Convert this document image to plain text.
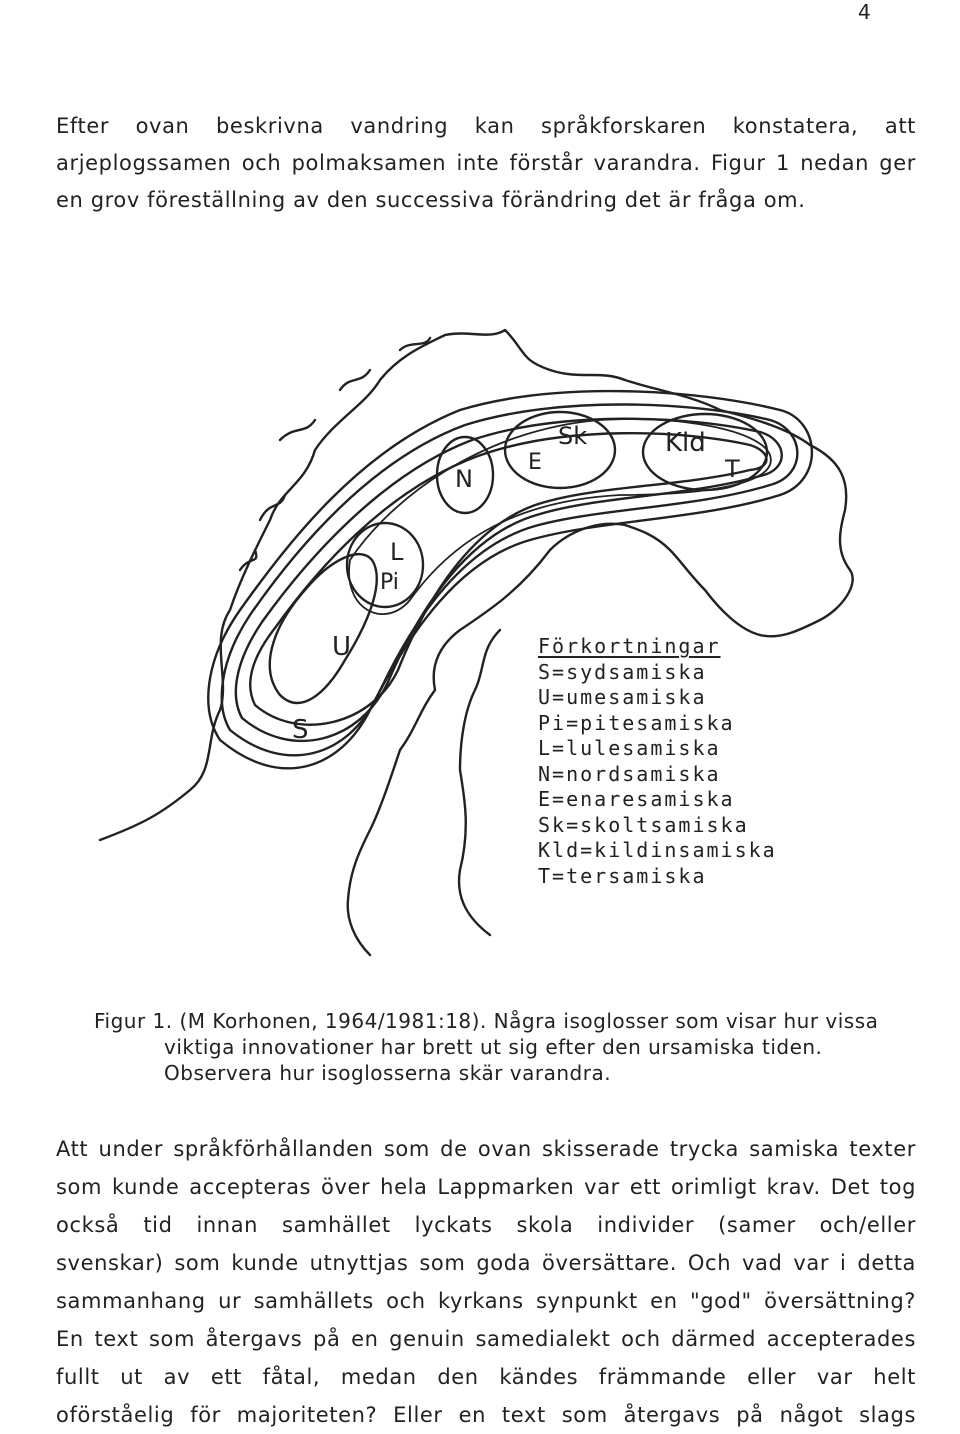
4

Efter ovan beskrivna vandring kan språkforskaren konstatera, att
arjeplogssamen och polmaksamen inte förstår varandra. Figur 1 nedan ger
en grov föreställning av den successiva förändring det är fråga om.

U
S
L
Pi
N
E
Sk	Kld
T
Förkortningar
S=sydsamiska
U=umesamiska
Pi=pitesamiska
L=lulesamiska
N=nordsamiska
E=enaresamiska
Sk=skoltsamiska
Kld=kildinsamiska
T=tersamiska
Figur 1. (M Korhonen, 1964/1981:18). Några isoglosser som visar hur vissa
viktiga innovationer har brett ut sig efter den ursamiska tiden.
Observera hur isoglosserna skär varandra.

Att under språkförhållanden som de ovan skisserade trycka samiska texter
som kunde accepteras över hela Lappmarken var ett orimligt krav. Det tog
också tid innan samhället lyckats skola individer (samer och/eller
svenskar) som kunde utnyttjas som goda översättare. Och vad var i detta
sammanhang ur samhällets och kyrkans synpunkt en "god" översättning?
En text som återgavs på en genuin samedialekt och därmed accepterades
fullt ut av ett fåtal, medan den kändes främmande eller var helt
oförståelig för majoriteten? Eller en text som återgavs på något slags
